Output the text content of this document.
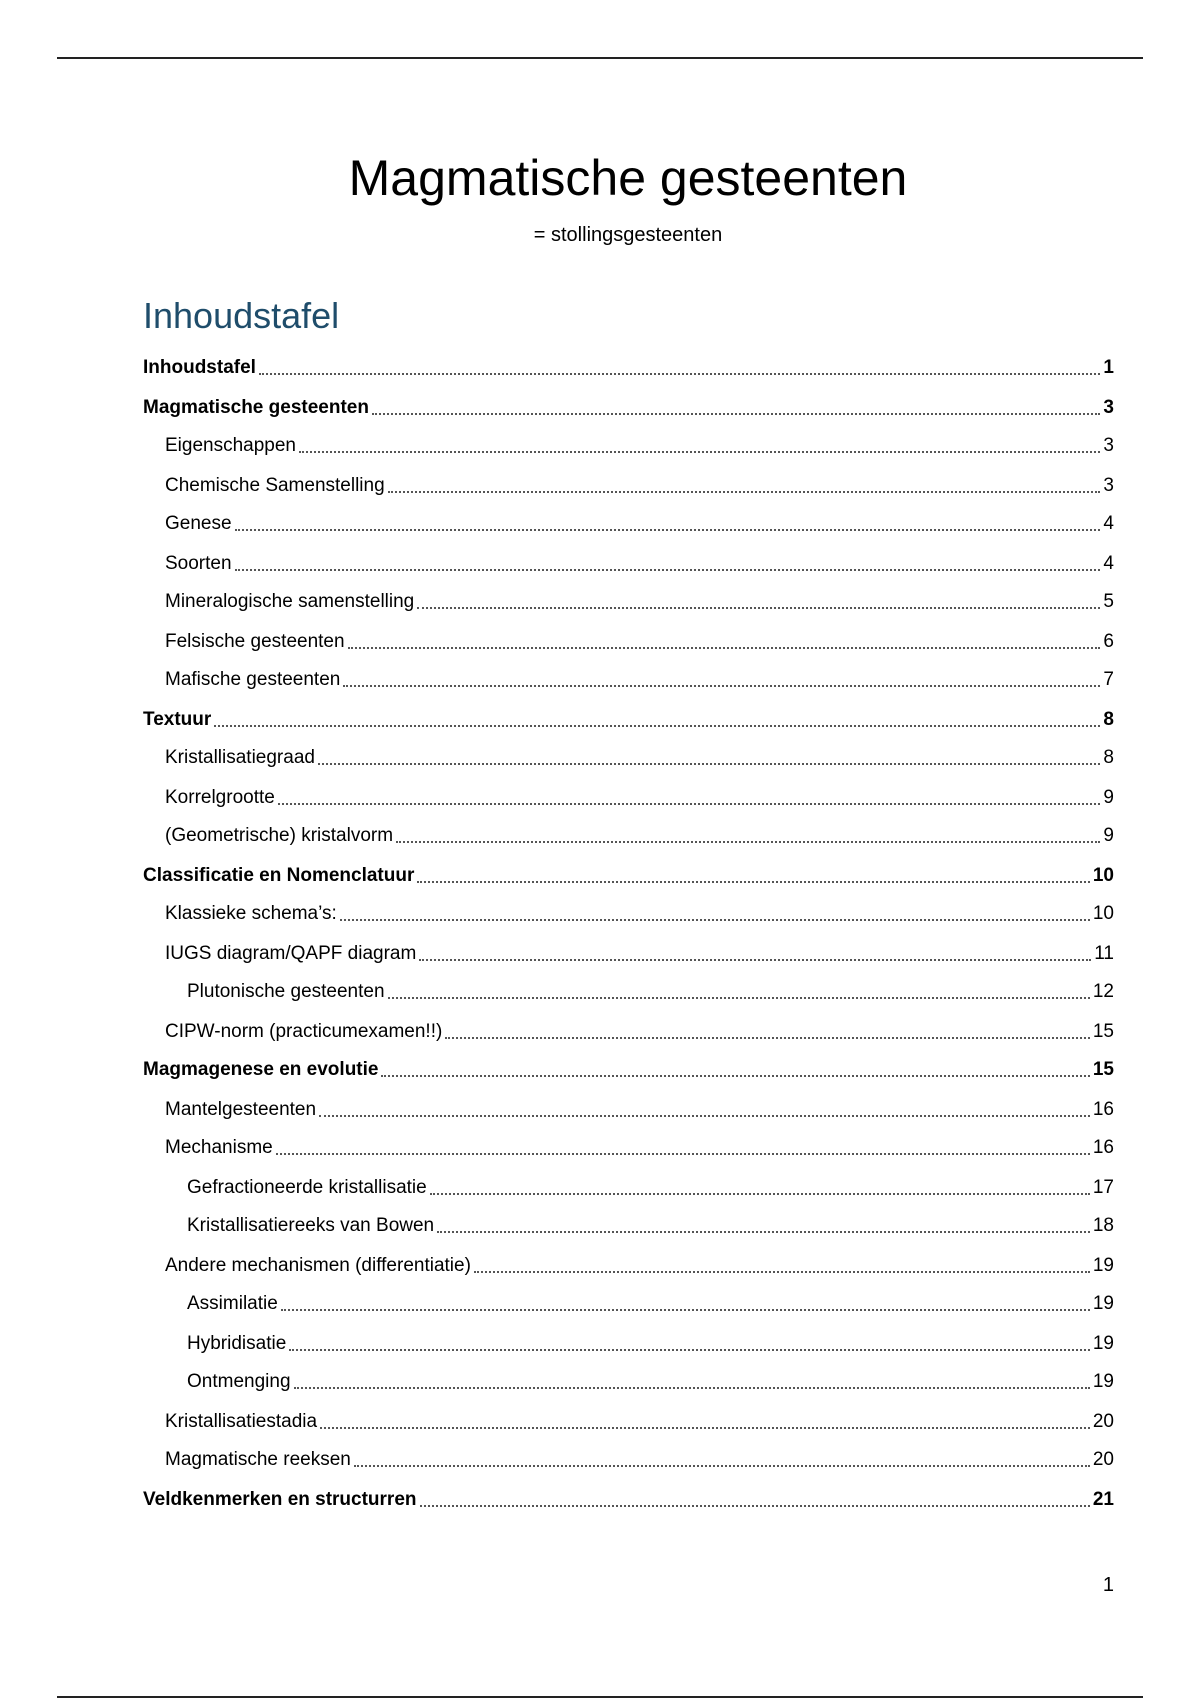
Magmatische gesteenten
= stollingsgesteenten
Inhoudstafel
Inhoudstafel	1
Magmatische gesteenten	3
Eigenschappen	3
Chemische Samenstelling	3
Genese	4
Soorten	4
Mineralogische samenstelling	5
Felsische gesteenten	6
Mafische gesteenten	7
Textuur	8
Kristallisatiegraad	8
Korrelgrootte	9
(Geometrische) kristalvorm	9
Classificatie en Nomenclatuur	10
Klassieke schema’s:	10
IUGS diagram/QAPF diagram	11
Plutonische gesteenten	12
CIPW-norm (practicumexamen!!)	15
Magmagenese en evolutie	15
Mantelgesteenten	16
Mechanisme	16
Gefractioneerde kristallisatie	17
Kristallisatiereeks van Bowen	18
Andere mechanismen (differentiatie)	19
Assimilatie	19
Hybridisatie	19
Ontmenging	19
Kristallisatiestadia	20
Magmatische reeksen	20
Veldkenmerken en structurren	21
1
